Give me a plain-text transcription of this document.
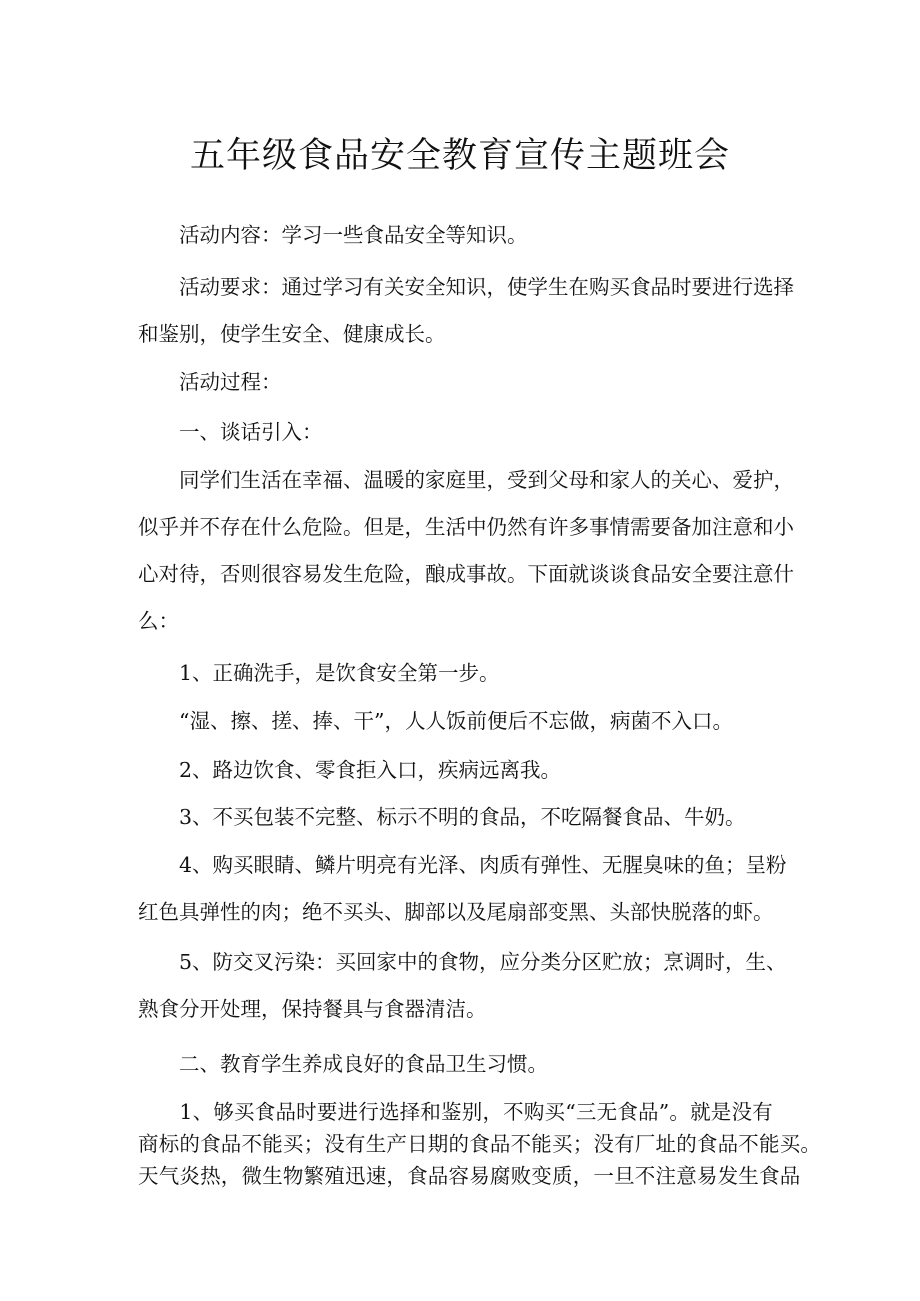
五年级食品安全教育宣传主题班会
　　活动内容：学习一些食品安全等知识。
　　活动要求：通过学习有关安全知识，使学生在购买食品时要进行选择
和鉴别，使学生安全、健康成长。
　　活动过程：
　　一、谈话引入：
　　同学们生活在幸福、温暖的家庭里，受到父母和家人的关心、爱护，
似乎并不存在什么危险。但是，生活中仍然有许多事情需要备加注意和小
心对待，否则很容易发生危险，酿成事故。下面就谈谈食品安全要注意什
么：
　　1、正确洗手，是饮食安全第一步。
　　“湿、擦、搓、捧、干”，人人饭前便后不忘做，病菌不入口。
　　2、路边饮食、零食拒入口，疾病远离我。
　　3、不买包装不完整、标示不明的食品，不吃隔餐食品、牛奶。
　　4、购买眼睛、鳞片明亮有光泽、肉质有弹性、无腥臭味的鱼；呈粉
红色具弹性的肉；绝不买头、脚部以及尾扇部变黑、头部快脱落的虾。
　　5、防交叉污染：买回家中的食物，应分类分区贮放；烹调时，生、
熟食分开处理，保持餐具与食器清洁。
　　二、教育学生养成良好的食品卫生习惯。
　　1、够买食品时要进行选择和鉴别，不购买“三无食品”。就是没有
商标的食品不能买；没有生产日期的食品不能买；没有厂址的食品不能买。
天气炎热，微生物繁殖迅速，食品容易腐败变质，一旦不注意易发生食品
